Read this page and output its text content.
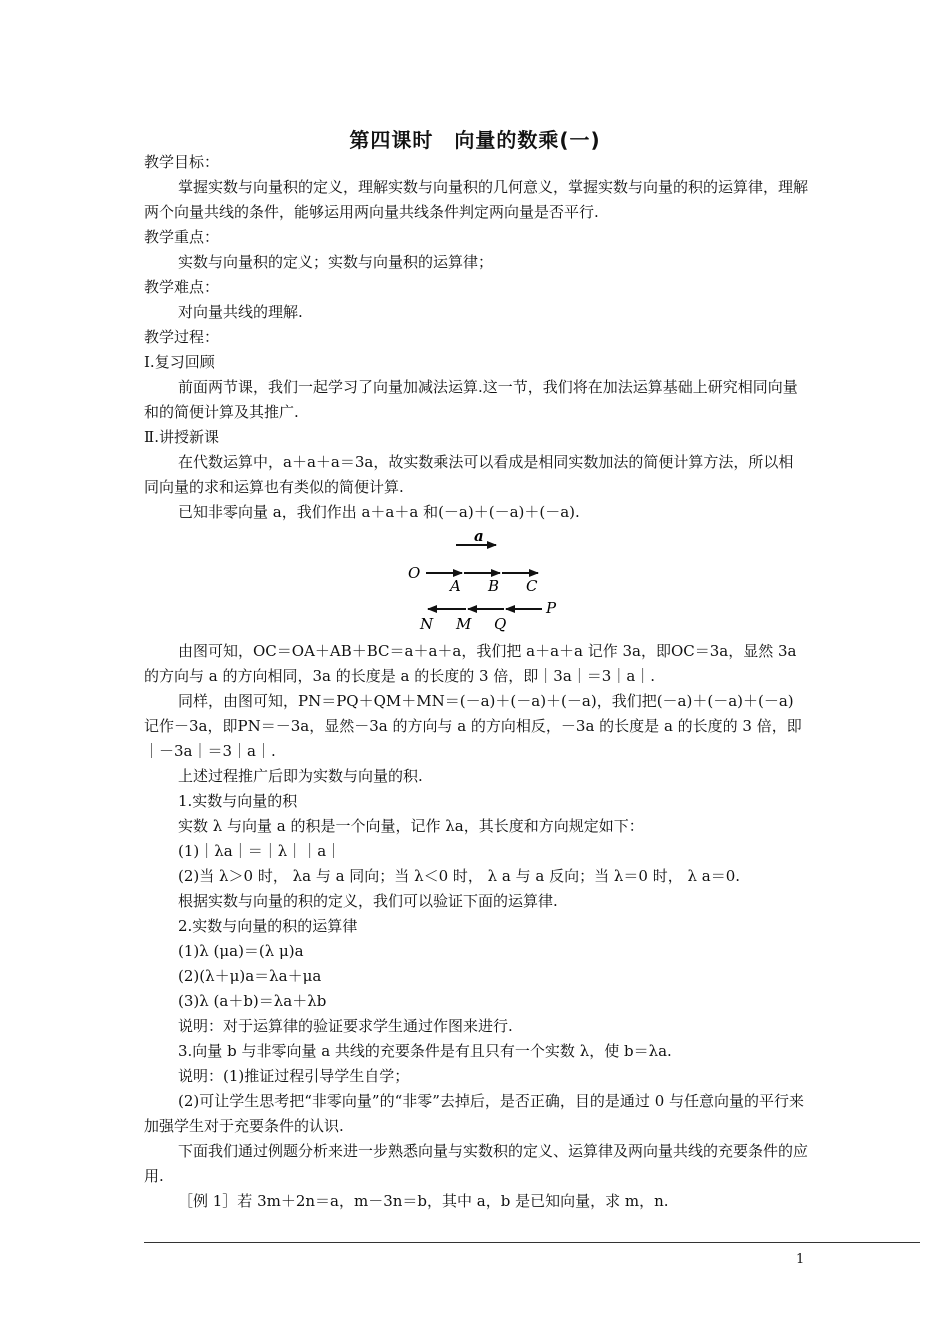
第四课时　向量的数乘(一)

教学目标：

掌握实数与向量积的定义，理解实数与向量积的几何意义，掌握实数与向量的积的运算律，理解两个向量共线的条件，能够运用两向量共线条件判定两向量是否平行.

教学重点：

实数与向量积的定义；实数与向量积的运算律；

教学难点：

对向量共线的理解.

教学过程：

Ⅰ.复习回顾

前面两节课，我们一起学习了向量加减法运算.这一节，我们将在加法运算基础上研究相同向量和的简便计算及其推广.

Ⅱ.讲授新课

在代数运算中，a＋a＋a＝3a，故实数乘法可以看成是相同实数加法的简便计算方法，所以相同向量的求和运算也有类似的简便计算.

已知非零向量 a，我们作出 a＋a＋a 和(－a)＋(－a)＋(－a).

a
O
A B C
N M Q
P

由图可知，OC＝OA＋AB＋BC＝a＋a＋a，我们把 a＋a＋a 记作 3a，即OC＝3a，显然 3a 的方向与 a 的方向相同，3a 的长度是 a 的长度的 3 倍，即｜3a｜＝3｜a｜.

同样，由图可知，PN＝PQ＋QM＋MN＝(－a)＋(－a)＋(－a)，我们把(－a)＋(－a)＋(－a)记作－3a，即PN＝－3a，显然－3a 的方向与 a 的方向相反，－3a 的长度是 a 的长度的 3 倍，即｜－3a｜＝3｜a｜.

上述过程推广后即为实数与向量的积.

1.实数与向量的积

实数 λ 与向量 a 的积是一个向量，记作 λa，其长度和方向规定如下：

(1)｜λa｜＝｜λ｜｜a｜

(2)当 λ＞0 时， λa 与 a 同向；当 λ＜0 时， λ a 与 a 反向；当 λ＝0 时， λ a＝0.

根据实数与向量的积的定义，我们可以验证下面的运算律.

2.实数与向量的积的运算律

(1)λ (μa)＝(λ μ)a

(2)(λ＋μ)a＝λa＋μa

(3)λ (a＋b)＝λa＋λb

说明：对于运算律的验证要求学生通过作图来进行.

3.向量 b 与非零向量 a 共线的充要条件是有且只有一个实数 λ，使 b＝λa.

说明：(1)推证过程引导学生自学；

(2)可让学生思考把“非零向量”的“非零”去掉后，是否正确，目的是通过 0 与任意向量的平行来加强学生对于充要条件的认识.

下面我们通过例题分析来进一步熟悉向量与实数积的定义、运算律及两向量共线的充要条件的应用.

［例 1］若 3m＋2n＝a，m－3n＝b，其中 a，b 是已知向量，求 m，n.

1
